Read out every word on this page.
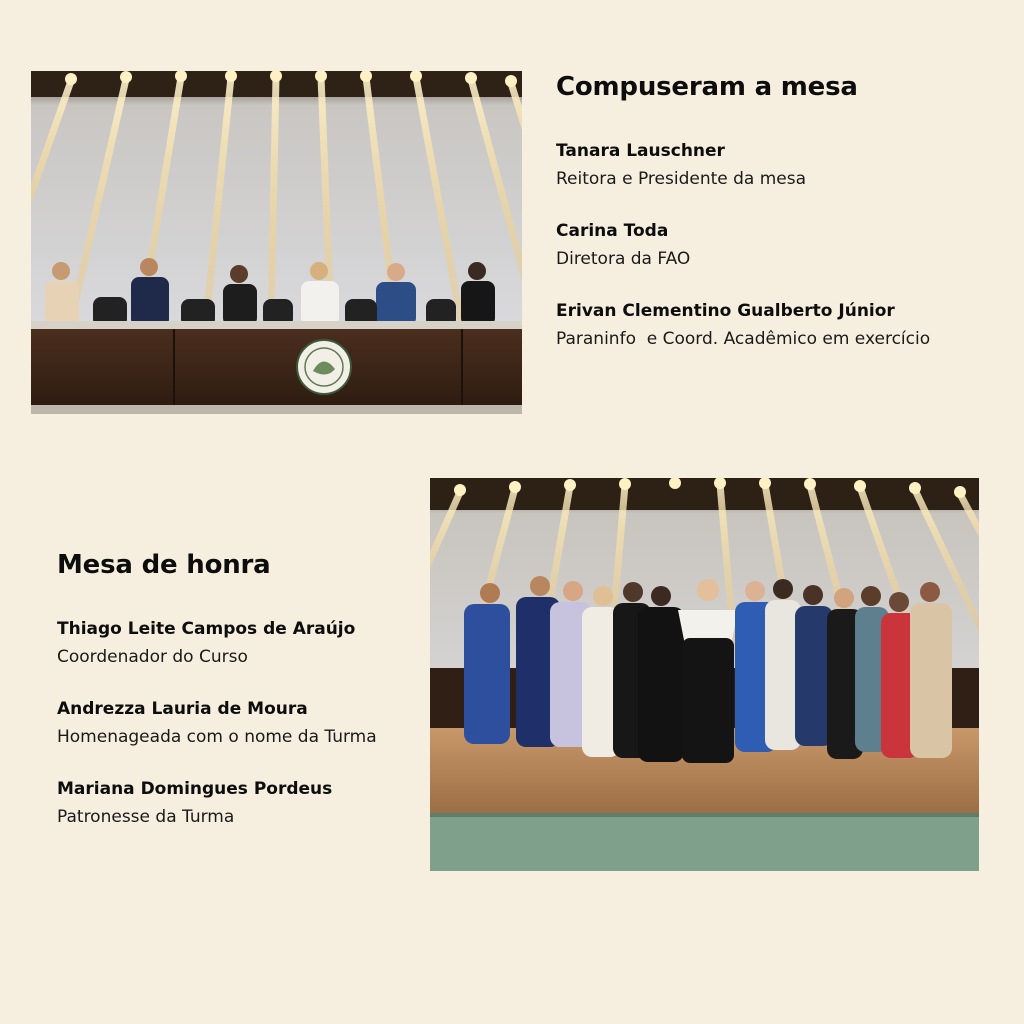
Compuseram a mesa
Tanara Lauschner
Reitora e Presidente da mesa
Carina Toda
Diretora da FAO
Erivan Clementino Gualberto Júnior
Paraninfo  e Coord. Acadêmico em exercício
Mesa de honra
Thiago Leite Campos de Araújo
Coordenador do Curso
Andrezza Lauria de Moura
Homenageada com o nome da Turma
Mariana Domingues Pordeus
Patronesse da Turma
